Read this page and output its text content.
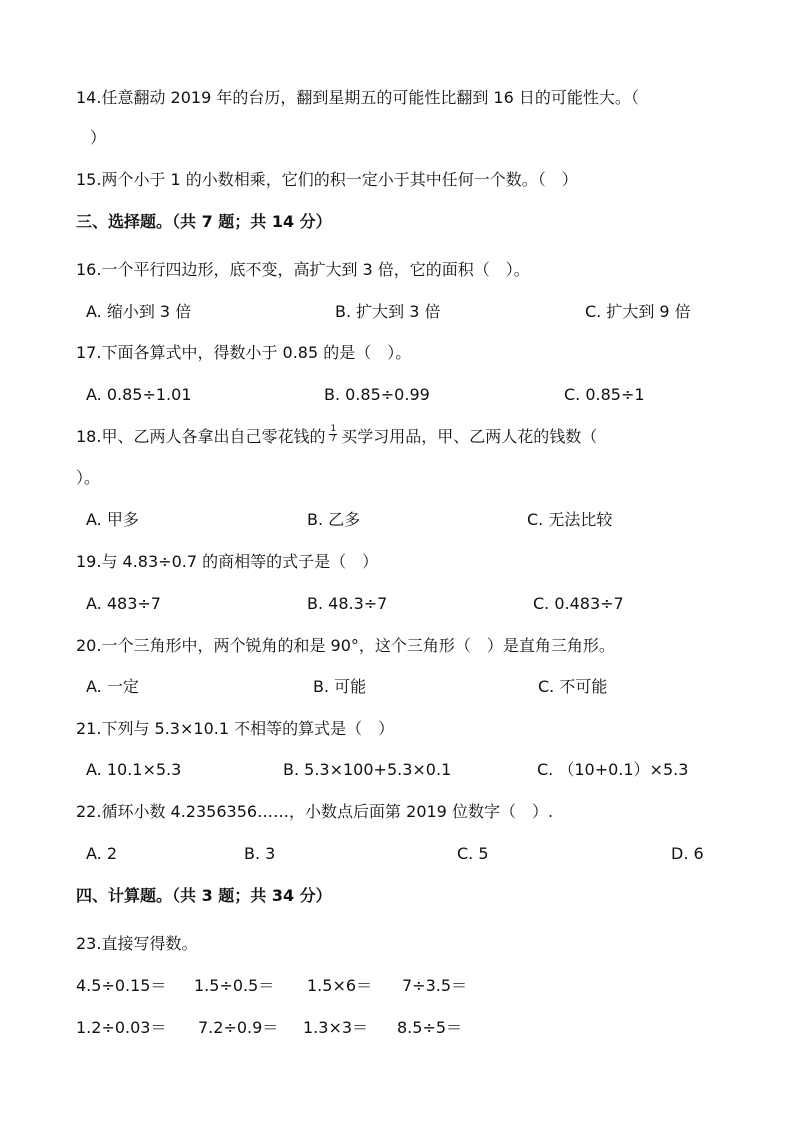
14.任意翻动 2019 年的台历，翻到星期五的可能性比翻到 16 日的可能性大。（
）
15.两个小于 1 的小数相乘，它们的积一定小于其中任何一个数。（　）
三、选择题。（共 7 题；共 14 分）
16.一个平行四边形，底不变，高扩大到 3 倍，它的面积（　）。
A. 缩小到 3 倍	B. 扩大到 3 倍	C. 扩大到 9 倍
17.下面各算式中，得数小于 0.85 的是（　）。
A. 0.85÷1.01	B. 0.85÷0.99	C. 0.85÷1
18.甲、乙两人各拿出自己零花钱的 $\frac{1}{7}$ 买学习用品，甲、乙两人花的钱数（
）。
A. 甲多	B. 乙多	C. 无法比较
19.与 4.83÷0.7 的商相等的式子是（　）
A. 483÷7	B. 48.3÷7	C. 0.483÷7
20.一个三角形中，两个锐角的和是 90°，这个三角形（　）是直角三角形。
A. 一定	B. 可能	C. 不可能
21.下列与 5.3×10.1 不相等的算式是（　）
A. 10.1×5.3	B. 5.3×100+5.3×0.1	C. （10+0.1）×5.3
22.循环小数 4.2356356……，小数点后面第 2019 位数字（　）.
A. 2	B. 3	C. 5	D. 6
四、计算题。（共 3 题；共 34 分）
23.直接写得数。
4.5÷0.15＝ 1.5÷0.5＝ 1.5×6＝ 7÷3.5＝
1.2÷0.03＝ 7.2÷0.9＝ 1.3×3＝ 8.5÷5＝
